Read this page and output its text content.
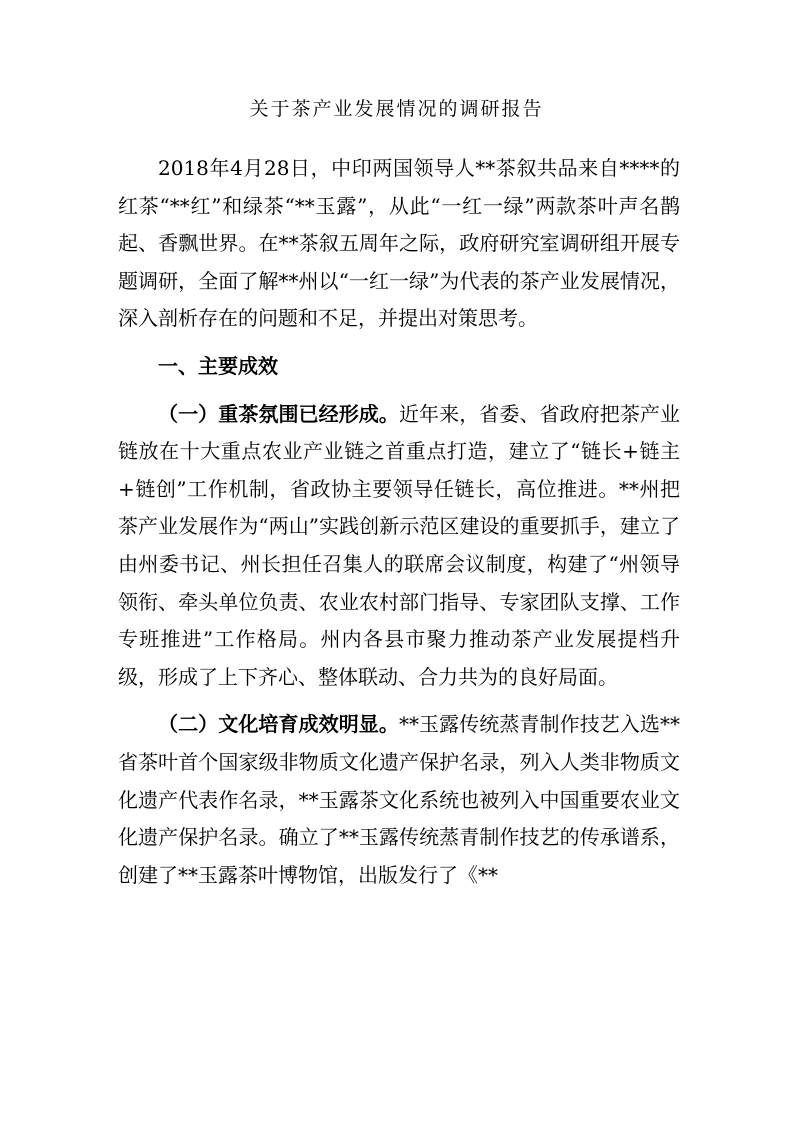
关于茶产业发展情况的调研报告

2018年4月28日，中印两国领导人**茶叙共品来自****的红茶“**红”和绿茶“**玉露”，从此“一红一绿”两款茶叶声名鹊起、香飘世界。在**茶叙五周年之际，政府研究室调研组开展专题调研，全面了解**州以“一红一绿”为代表的茶产业发展情况，深入剖析存在的问题和不足，并提出对策思考。

一、主要成效

（一）重茶氛围已经形成。近年来，省委、省政府把茶产业链放在十大重点农业产业链之首重点打造，建立了“链长+链主+链创”工作机制，省政协主要领导任链长，高位推进。**州把茶产业发展作为“两山”实践创新示范区建设的重要抓手，建立了由州委书记、州长担任召集人的联席会议制度，构建了“州领导领衔、牵头单位负责、农业农村部门指导、专家团队支撑、工作专班推进”工作格局。州内各县市聚力推动茶产业发展提档升级，形成了上下齐心、整体联动、合力共为的良好局面。

（二）文化培育成效明显。**玉露传统蒸青制作技艺入选**省茶叶首个国家级非物质文化遗产保护名录，列入人类非物质文化遗产代表作名录，**玉露茶文化系统也被列入中国重要农业文化遗产保护名录。确立了**玉露传统蒸青制作技艺的传承谱系，创建了**玉露茶叶博物馆，出版发行了《**
